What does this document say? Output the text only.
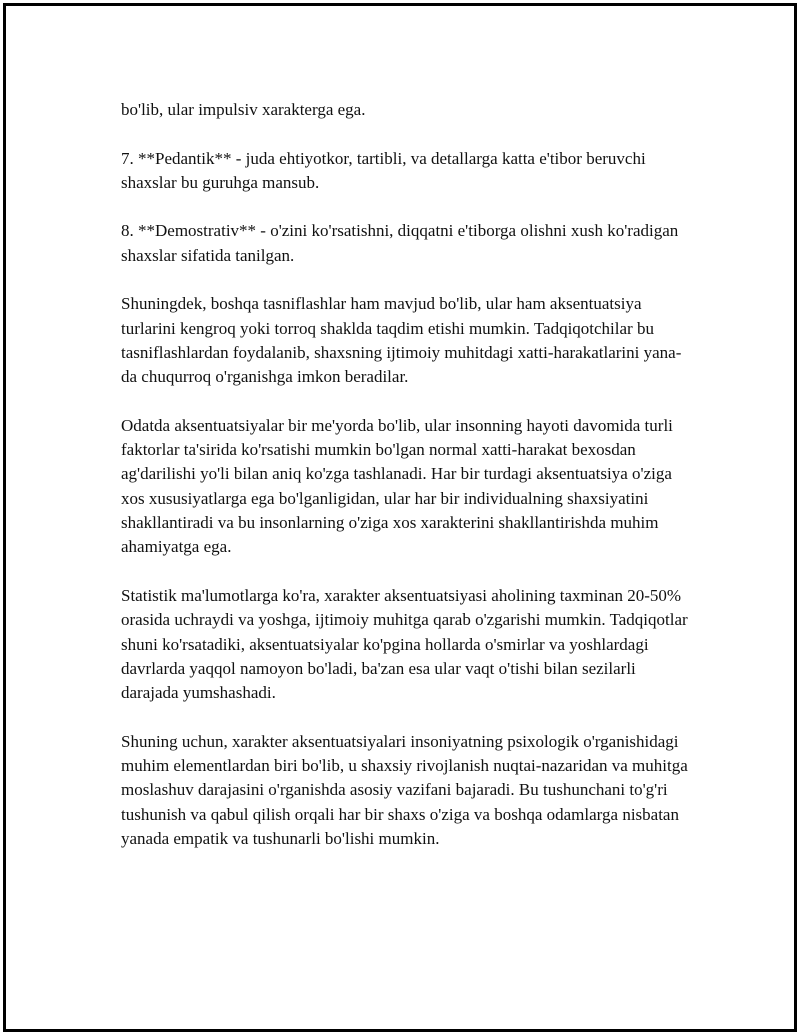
bo'lib, ular impulsiv xarakterga ega.

7. **Pedantik** - juda ehtiyotkor, tartibli, va detallarga katta e'tibor beruvchi shaxslar bu guruhga mansub.

8. **Demostrativ** - o'zini ko'rsatishni, diqqatni e'tiborga olishni xush ko'radigan shaxslar sifatida tanilgan.

Shuningdek, boshqa tasniflashlar ham mavjud bo'lib, ular ham aksentuatsiya turlarini kengroq yoki torroq shaklda taqdim etishi mumkin. Tadqiqotchilar bu tasniflashlardan foydalanib, shaxsning ijtimoiy muhitdagi xatti-harakatlarini yana-da chuqurroq o'rganishga imkon beradilar.

Odatda aksentuatsiyalar bir me'yorda bo'lib, ular insonning hayoti davomida turli faktorlar ta'sirida ko'rsatishi mumkin bo'lgan normal xatti-harakat bexosdan ag'darilishi yo'li bilan aniq ko'zga tashlanadi. Har bir turdagi aksentuatsiya o'ziga xos xususiyatlarga ega bo'lganligidan, ular har bir individualning shaxsiyatini shakllantiradi va bu insonlarning o'ziga xos xarakterini shakllantirishda muhim ahamiyatga ega.

Statistik ma'lumotlarga ko'ra, xarakter aksentuatsiyasi aholining taxminan 20-50% orasida uchraydi va yoshga, ijtimoiy muhitga qarab o'zgarishi mumkin. Tadqiqotlar shuni ko'rsatadiki, aksentuatsiyalar ko'pgina hollarda o'smirlar va yoshlardagi davrlarda yaqqol namoyon bo'ladi, ba'zan esa ular vaqt o'tishi bilan sezilarli darajada yumshashadi.

Shuning uchun, xarakter aksentuatsiyalari insoniyatning psixologik o'rganishidagi muhim elementlardan biri bo'lib, u shaxsiy rivojlanish nuqtai-nazaridan va muhitga moslashuv darajasini o'rganishda asosiy vazifani bajaradi. Bu tushunchani to'g'ri tushunish va qabul qilish orqali har bir shaxs o'ziga va boshqa odamlarga nisbatan yanada empatik va tushunarli bo'lishi mumkin.
